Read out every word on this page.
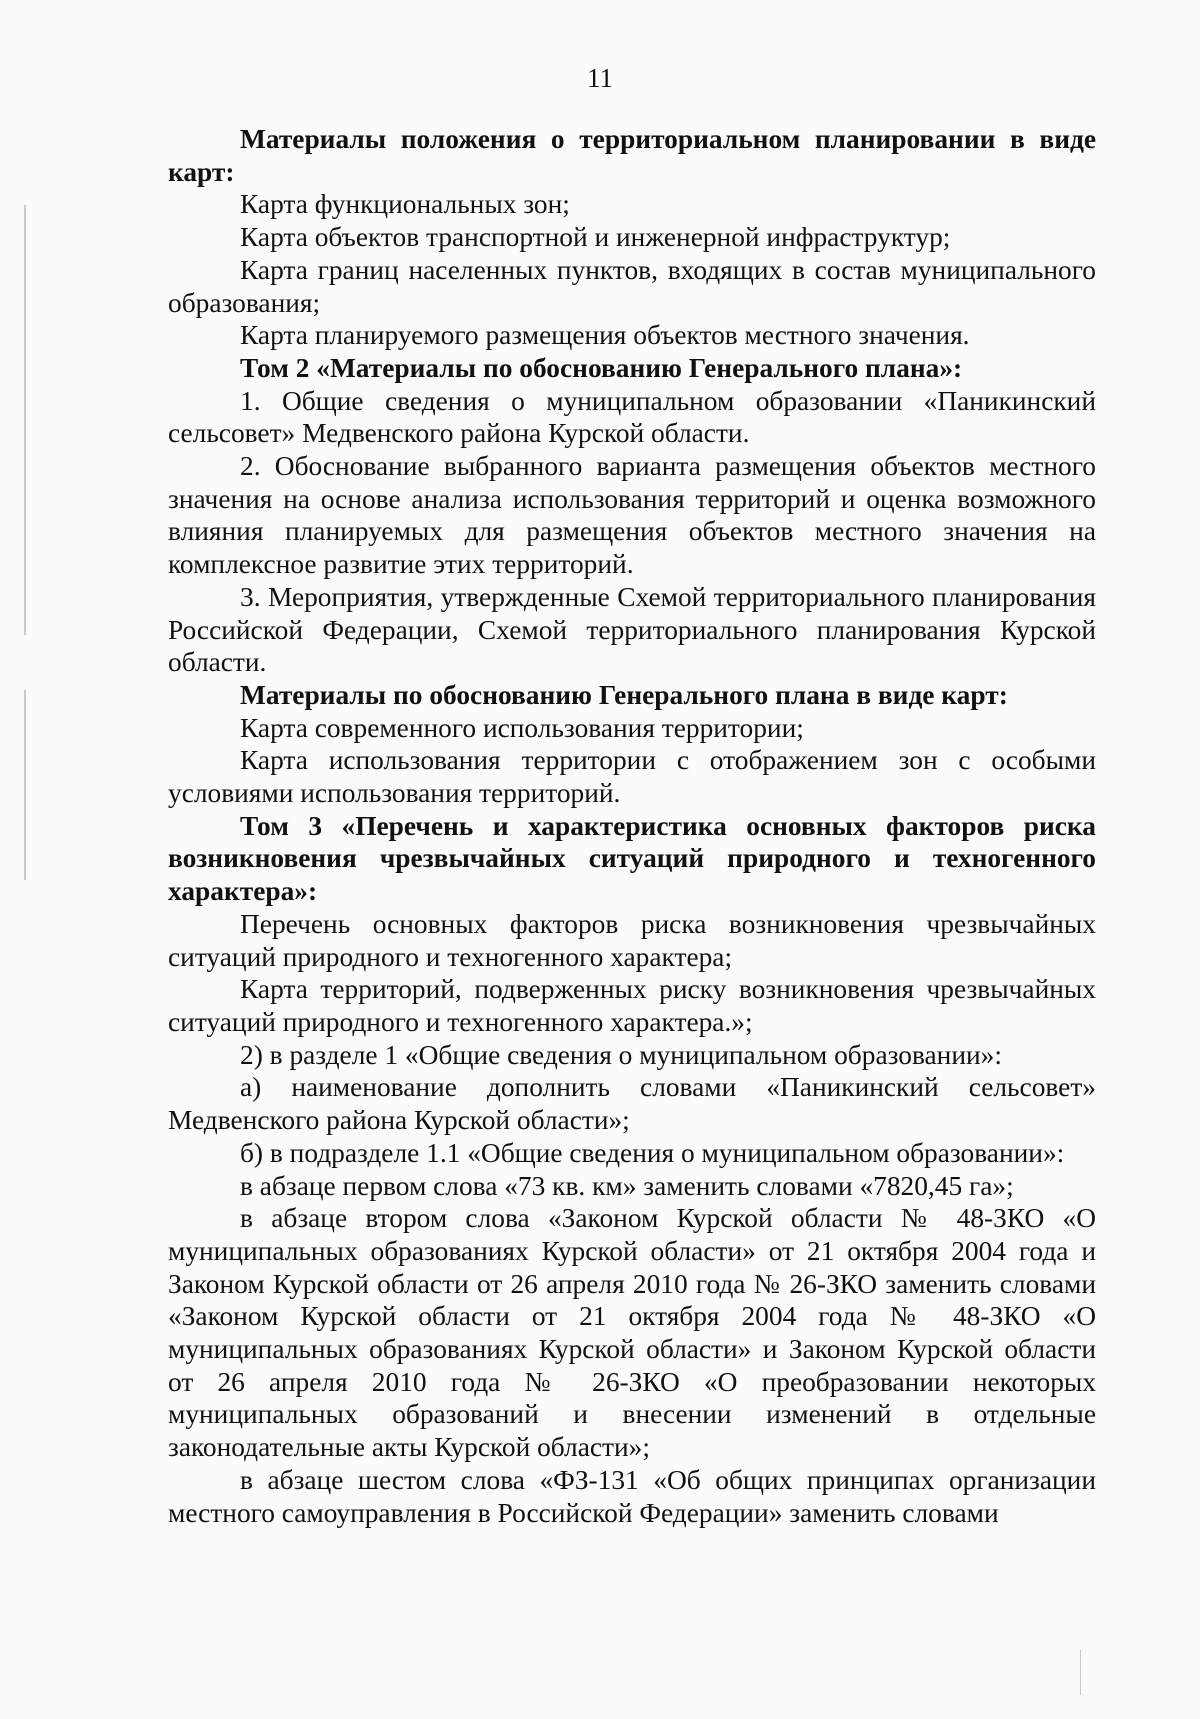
11

Материалы положения о территориальном планировании в виде карт:

Карта функциональных зон;

Карта объектов транспортной и инженерной инфраструктур;

Карта границ населенных пунктов, входящих в состав муниципального образования;

Карта планируемого размещения объектов местного значения.

Том 2 «Материалы по обоснованию Генерального плана»:

1. Общие сведения о муниципальном образовании «Паникинский сельсовет» Медвенского района Курской области.

2. Обоснование выбранного варианта размещения объектов местного значения на основе анализа использования территорий и оценка возможного влияния планируемых для размещения объектов местного значения на комплексное развитие этих территорий.

3. Мероприятия, утвержденные Схемой территориального планирования Российской Федерации, Схемой территориального планирования Курской области.

Материалы по обоснованию Генерального плана в виде карт:

Карта современного использования территории;

Карта использования территории с отображением зон с особыми условиями использования территорий.

Том 3 «Перечень и характеристика основных факторов риска возникновения чрезвычайных ситуаций природного и техногенного характера»:

Перечень основных факторов риска возникновения чрезвычайных ситуаций природного и техногенного характера;

Карта территорий, подверженных риску возникновения чрезвычайных ситуаций природного и техногенного характера.»;

2) в разделе 1 «Общие сведения о муниципальном образовании»:

а) наименование дополнить словами «Паникинский сельсовет» Медвенского района Курской области»;

б) в подразделе 1.1 «Общие сведения о муниципальном образовании»:

в абзаце первом слова «73 кв. км» заменить словами «7820,45 га»;

в абзаце втором слова «Законом Курской области № 48-ЗКО «О муниципальных образованиях Курской области» от 21 октября 2004 года и Законом Курской области от 26 апреля 2010 года № 26-ЗКО заменить словами «Законом Курской области от 21 октября 2004 года № 48-ЗКО «О муниципальных образованиях Курской области» и Законом Курской области от 26 апреля 2010 года № 26-ЗКО «О преобразовании некоторых муниципальных образований и внесении изменений в отдельные законодательные акты Курской области»;

в абзаце шестом слова «ФЗ-131 «Об общих принципах организации местного самоуправления в Российской Федерации» заменить словами
